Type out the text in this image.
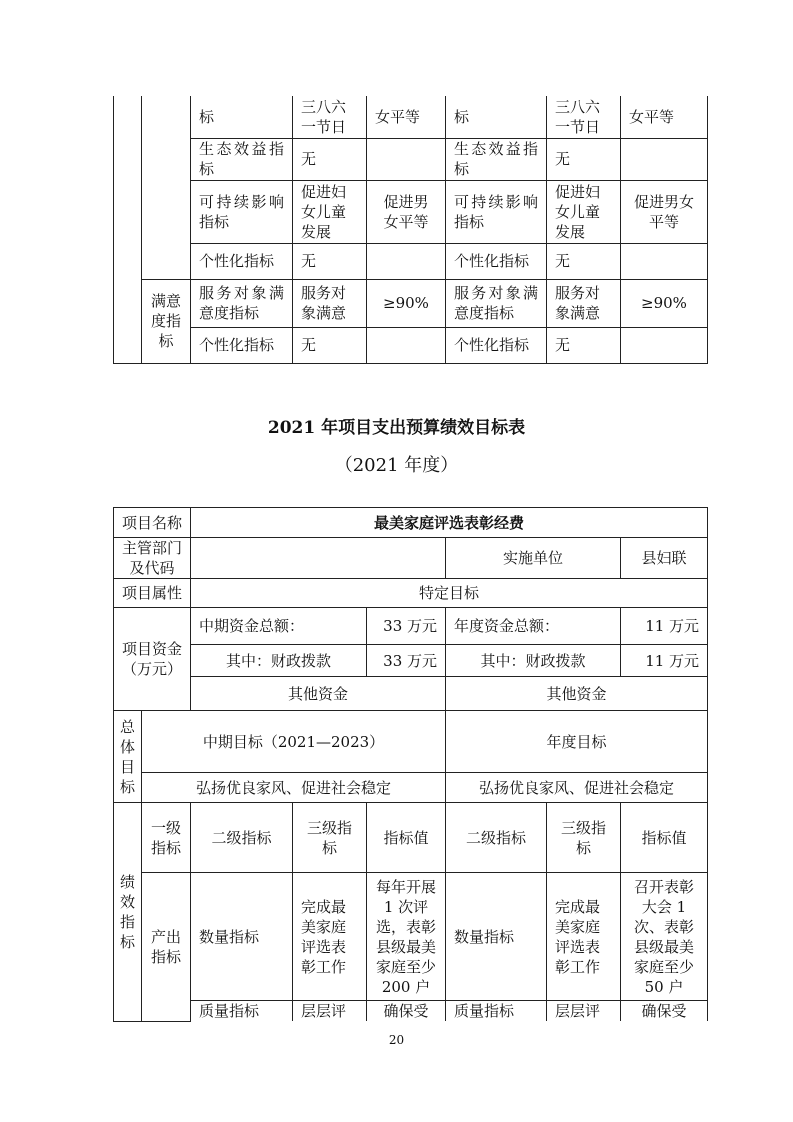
		标	三八六一节日	女平等	标	三八六一节日	女平等
		生态效益指标	无		生态效益指标	无	
		可持续影响指标	促进妇女儿童发展	促进男女平等	可持续影响指标	促进妇女儿童发展	促进男女平等
		个性化指标	无		个性化指标	无	
	满意度指标	服务对象满意度指标	服务对象满意	≥90%	服务对象满意度指标	服务对象满意	≥90%
		个性化指标	无		个性化指标	无	
2021 年项目支出预算绩效目标表
（2021 年度）
项目名称		最美家庭评选表彰经费					
主管部门及代码					实施单位		县妇联
项目属性		特定目标					
项目资金（万元）		中期资金总额：		33 万元	年度资金总额：		11 万元
		其中：财政拨款		33 万元	其中：财政拨款		11 万元
		其他资金			其他资金		
总体目标	中期目标（2021—2023）				年度目标		
	弘扬优良家风、促进社会稳定				弘扬优良家风、促进社会稳定		
绩效指标	一级指标	二级指标	三级指标	指标值	二级指标	三级指标	指标值
	产出指标	数量指标	完成最美家庭评选表彰工作	每年开展 1 次评选，表彰县级最美家庭至少 200 户	数量指标	完成最美家庭评选表彰工作	召开表彰大会 1 次、表彰县级最美家庭至少 50 户
		质量指标	层层评	确保受	质量指标	层层评	确保受
20
